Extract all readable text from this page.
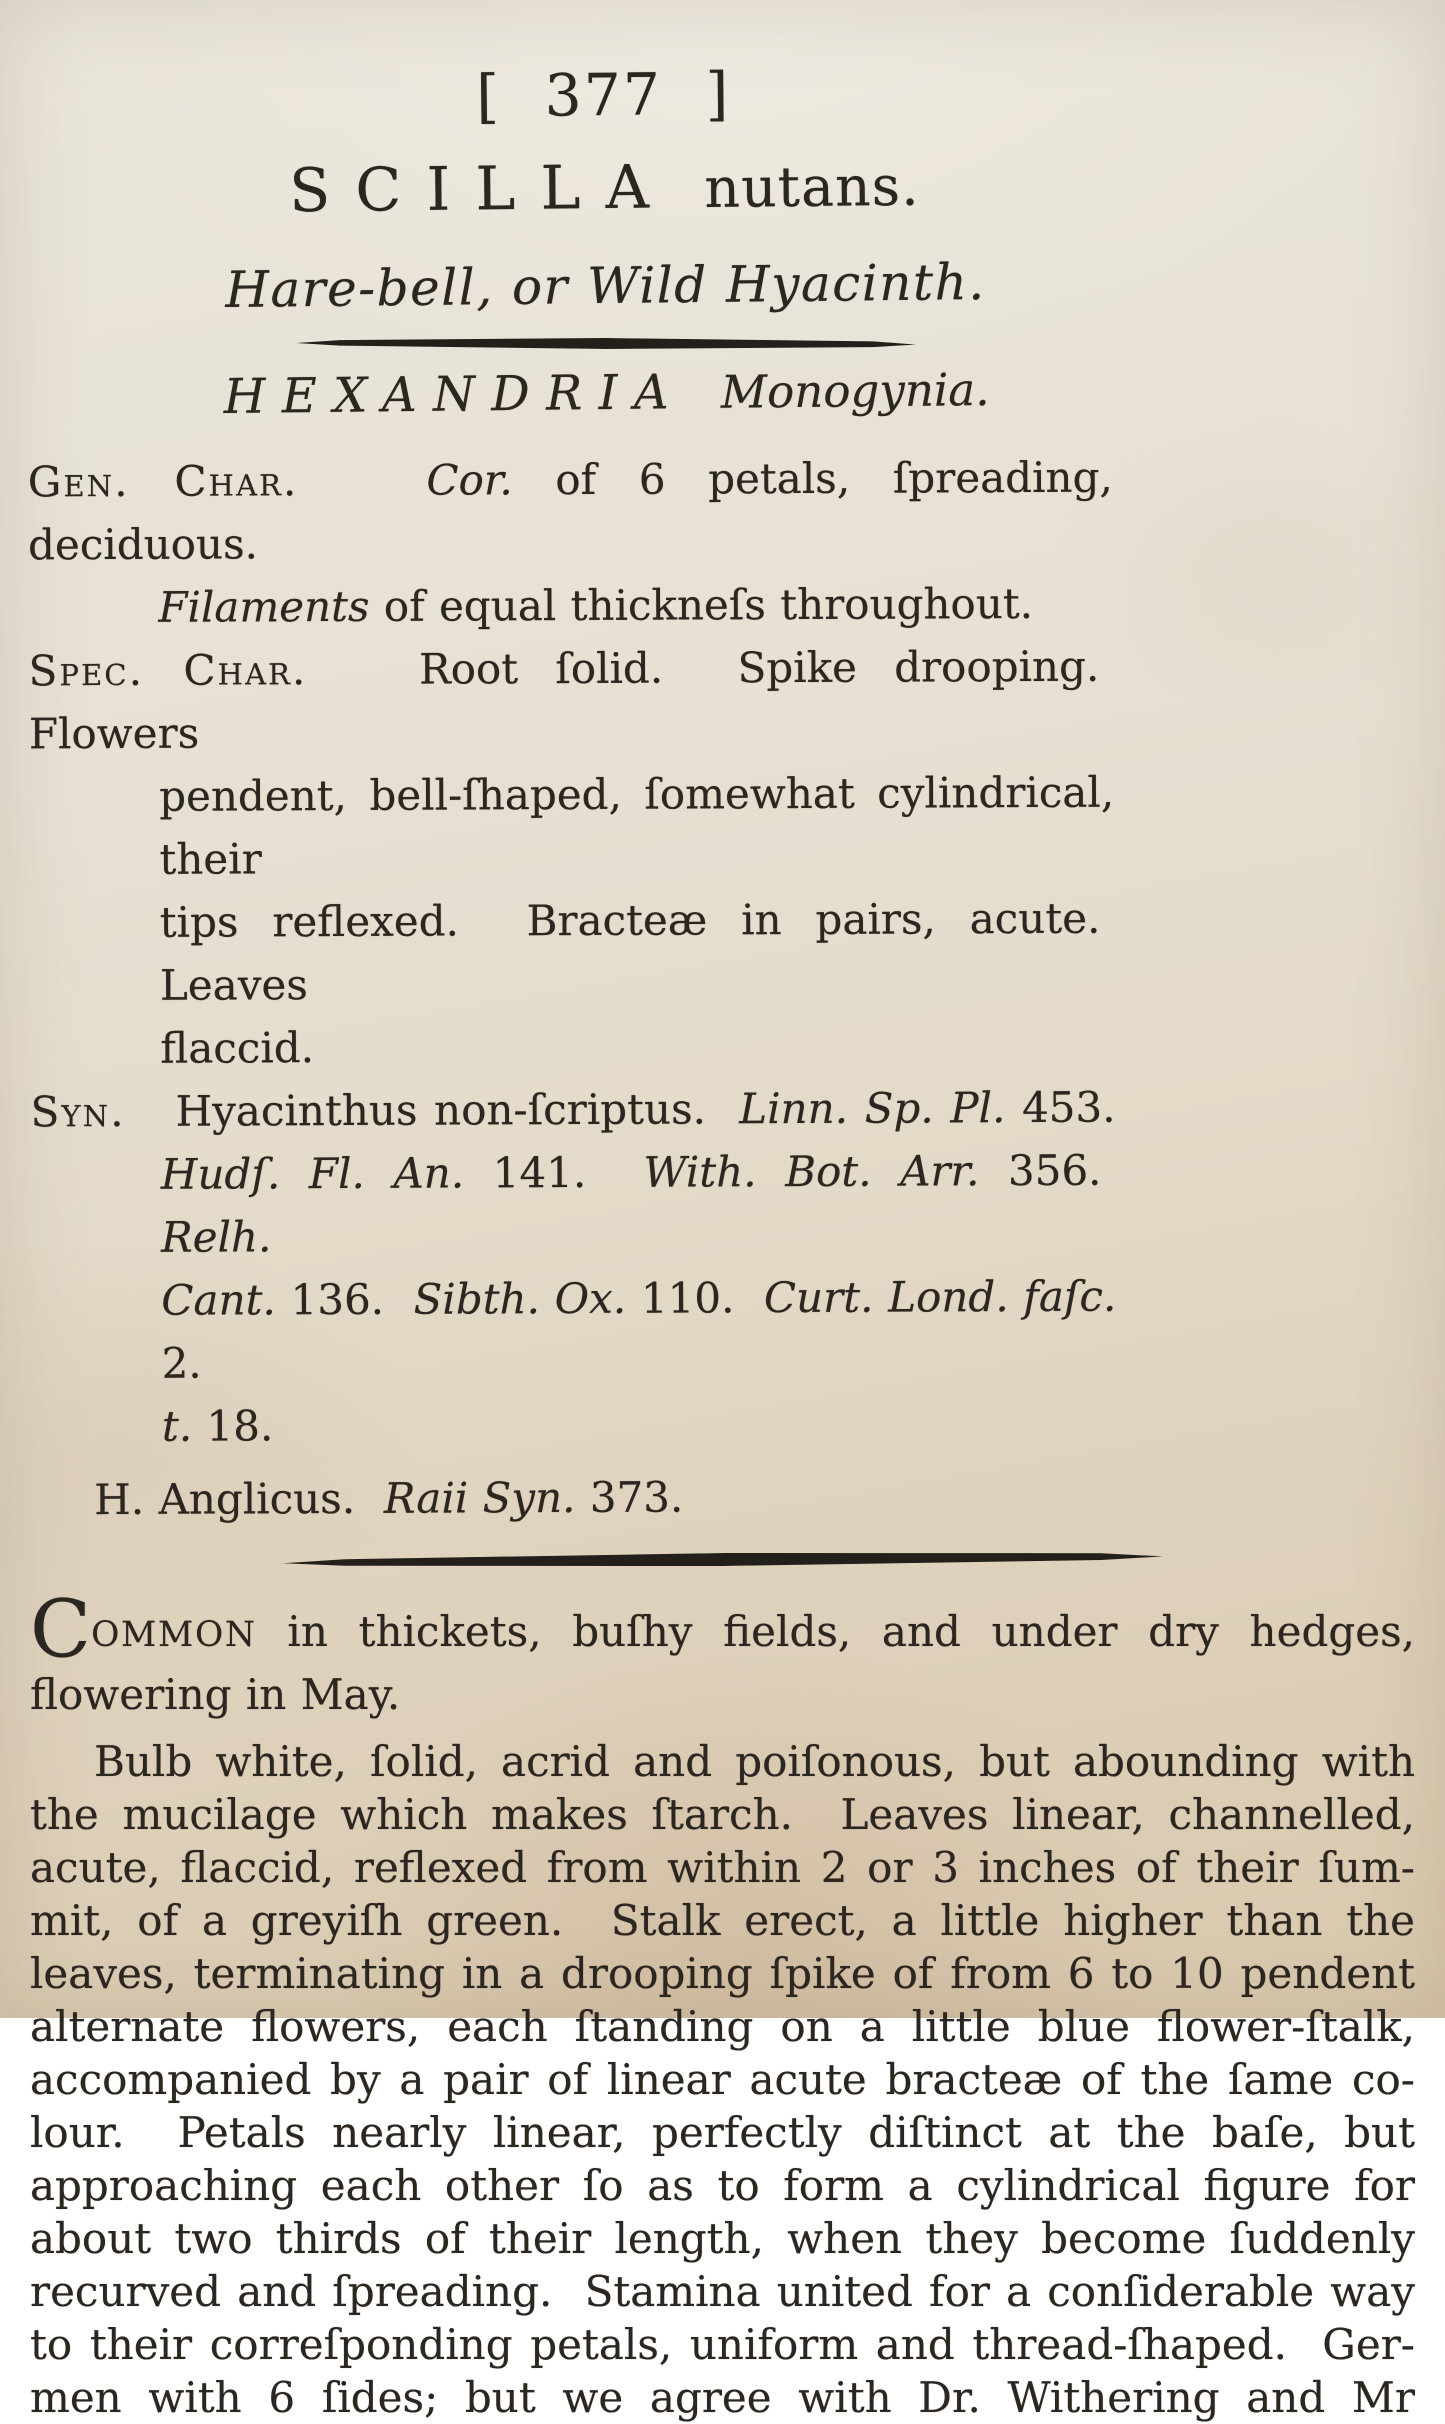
[  377  ]
SCILLA nutans.
Hare-bell, or Wild Hyacinth.
HEXANDRIA Monogynia.
Gen. Char.	Cor. of 6 petals, ſpreading, deciduous.
Filaments of equal thickneſs throughout.
Spec. Char.   Root ſolid.  Spike drooping.  Flowers
pendent, bell-ſhaped, ſomewhat cylindrical, their
tips reflexed.  Bracteæ in pairs, acute.  Leaves
flaccid.
Syn.   Hyacinthus non-ſcriptus.  Linn. Sp. Pl. 453.
Hudſ. Fl. An. 141.  With. Bot. Arr. 356.  Relh.
Cant. 136.  Sibth. Ox. 110.  Curt. Lond. faſc. 2.
t. 18.
H. Anglicus.  Raii Syn. 373.
COMMON in thickets, buſhy fields, and under dry hedges,
flowering in May.
Bulb white, ſolid, acrid and poiſonous, but abounding with
the mucilage which makes ſtarch.  Leaves linear, channelled,
acute, flaccid, reflexed from within 2 or 3 inches of their ſum-
mit, of a greyiſh green.  Stalk erect, a little higher than the
leaves, terminating in a drooping ſpike of from 6 to 10 pendent
alternate flowers, each ſtanding on a little blue flower-ſtalk,
accompanied by a pair of linear acute bracteæ of the ſame co-
lour.  Petals nearly linear, perfectly diſtinct at the baſe, but
approaching each other ſo as to form a cylindrical figure for
about two thirds of their length, when they become ſuddenly
recurved and ſpreading.  Stamina united for a conſiderable way
to their correſponding petals, uniform and thread-ſhaped.  Ger-
men with 6 ſides; but we agree with Dr. Withering and Mr
